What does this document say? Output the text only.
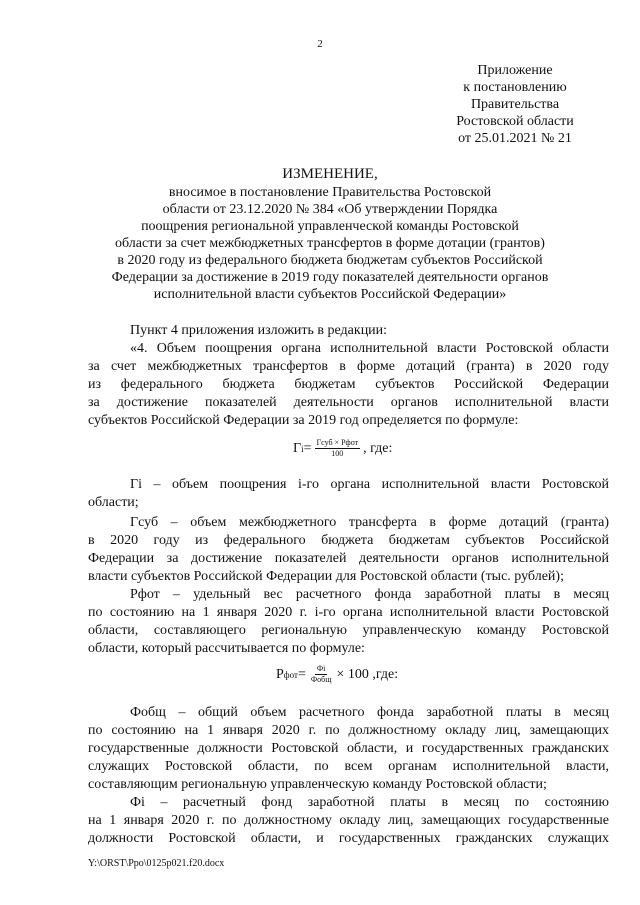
2
Приложение
к постановлению
Правительства
Ростовской области
от 25.01.2021 № 21
ИЗМЕНЕНИЕ,
вносимое в постановление Правительства Ростовской
области от 23.12.2020 № 384 «Об утверждении Порядка
поощрения региональной управленческой команды Ростовской
области за счет межбюджетных трансфертов в форме дотации (грантов)
в 2020 году из федерального бюджета бюджетам субъектов Российской
Федерации за достижение в 2019 году показателей деятельности органов
исполнительной власти субъектов Российской Федерации»

Пункт 4 приложения изложить в редакции:

«4. Объем поощрения органа исполнительной власти Ростовской области

за счет межбюджетных трансфертов в форме дотаций (гранта) в 2020 году

из федерального бюджета бюджетам субъектов Российской Федерации

за достижение показателей деятельности органов исполнительной власти

субъектов Российской Федерации за 2019 год определяется по формуле:

Г $i = \frac{\text{Гсуб × Рфот}}{100}$ , где:

Гi – объем поощрения i-го органа исполнительной власти Ростовской

области;

Гсуб – объем межбюджетного трансферта в форме дотаций (гранта)

в 2020 году из федерального бюджета бюджетам субъектов Российской

Федерации за достижение показателей деятельности органов исполнительной

власти субъектов Российской Федерации для Ростовской области (тыс. рублей);

Рфот – удельный вес расчетного фонда заработной платы в месяц

по состоянию на 1 января 2020 г. i-го органа исполнительной власти Ростовской

области, составляющего региональную управленческую команду Ростовской

области, который рассчитывается по формуле:

Р фот = $\frac{Фi}{\text{Фобщ}} \times 100$ ,где:

Фобщ – общий объем расчетного фонда заработной платы в месяц

по состоянию на 1 января 2020 г. по должностному окладу лиц, замещающих

государственные должности Ростовской области, и государственных гражданских

служащих Ростовской области, по всем органам исполнительной власти,

составляющим региональную управленческую команду Ростовской области;

Фi – расчетный фонд заработной платы в месяц по состоянию

на 1 января 2020 г. по должностному окладу лиц, замещающих государственные

должности Ростовской области, и государственных гражданских служащих

Y:\ORST\Ppo\0125p021.f20.docx
